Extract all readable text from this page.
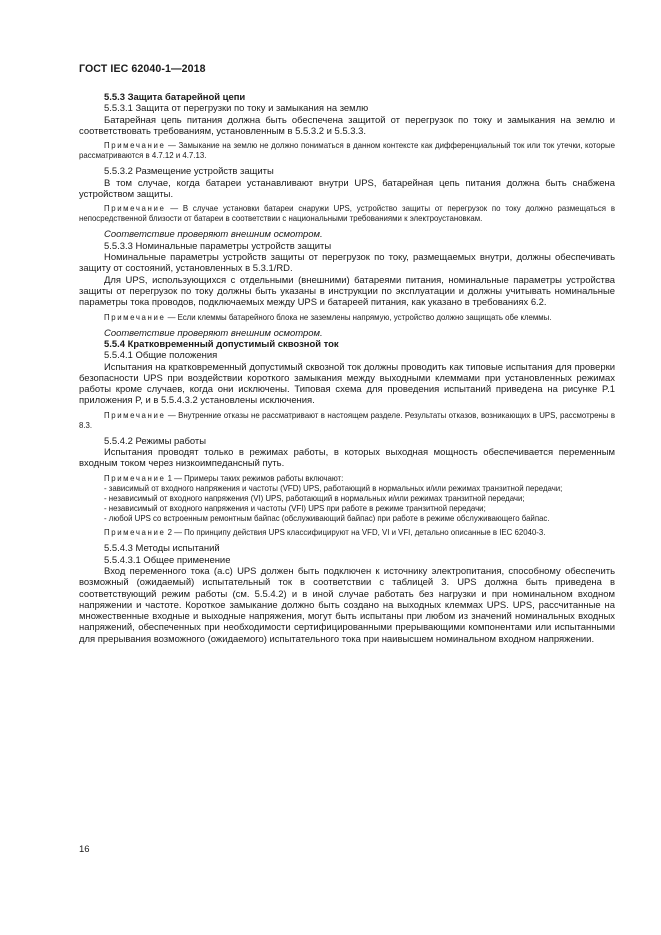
ГОСТ IEC 62040-1—2018

5.5.3 Защита батарейной цепи

5.5.3.1 Защита от перегрузки по току и замыкания на землю

Батарейная цепь питания должна быть обеспечена защитой от перегрузок по току и замыкания на землю и соответствовать требованиям, установленным в 5.5.3.2 и 5.5.3.3.

Примечание — Замыкание на землю не должно пониматься в данном контексте как дифференциальный ток или ток утечки, которые рассматриваются в 4.7.12 и 4.7.13.

5.5.3.2 Размещение устройств защиты

В том случае, когда батареи устанавливают внутри UPS, батарейная цепь питания должна быть снабжена устройством защиты.

Примечание — В случае установки батареи снаружи UPS, устройство защиты от перегрузок по току должно размещаться в непосредственной близости от батареи в соответствии с национальными требованиями к электроустановкам.

Соответствие проверяют внешним осмотром.

5.5.3.3 Номинальные параметры устройств защиты

Номинальные параметры устройств защиты от перегрузок по току, размещаемых внутри, должны обеспечивать защиту от состояний, установленных в 5.3.1/RD.

Для UPS, использующихся с отдельными (внешними) батареями питания, номинальные параметры устройства защиты от перегрузок по току должны быть указаны в инструкции по эксплуатации и должны учитывать номинальные параметры тока проводов, подключаемых между UPS и батареей питания, как указано в требованиях 6.2.

Примечание — Если клеммы батарейного блока не заземлены напрямую, устройство должно защищать обе клеммы.

Соответствие проверяют внешним осмотром.

5.5.4 Кратковременный допустимый сквозной ток

5.5.4.1 Общие положения

Испытания на кратковременный допустимый сквозной ток должны проводить как типовые испытания для проверки безопасности UPS при воздействии короткого замыкания между выходными клеммами при установленных режимах работы кроме случаев, когда они исключены. Типовая схема для проведения испытаний приведена на рисунке P.1 приложения P, и в 5.5.4.3.2 установлены исключения.

Примечание — Внутренние отказы не рассматривают в настоящем разделе. Результаты отказов, возникающих в UPS, рассмотрены в 8.3.

5.5.4.2 Режимы работы

Испытания проводят только в режимах работы, в которых выходная мощность обеспечивается переменным входным током через низкоимпедансный путь.

Примечание 1 — Примеры таких режимов работы включают:

- зависимый от входного напряжения и частоты (VFD) UPS, работающий в нормальных и/или режимах транзитной передачи;

- независимый от входного напряжения (VI) UPS, работающий в нормальных и/или режимах транзитной передачи;

- независимый от входного напряжения и частоты (VFI) UPS при работе в режиме транзитной передачи;

- любой UPS со встроенным ремонтным байпас (обслуживающий байпас) при работе в режиме обслуживающего байпас.

Примечание 2 — По принципу действия UPS классифицируют на VFD, VI и VFI, детально описанные в IEC 62040-3.

5.5.4.3 Методы испытаний

5.5.4.3.1 Общее применение

Вход переменного тока (a.c) UPS должен быть подключен к источнику электропитания, способному обеспечить возможный (ожидаемый) испытательный ток в соответствии с таблицей 3. UPS должна быть приведена в соответствующий режим работы (см. 5.5.4.2) и в иной случае работать без нагрузки и при номинальном входном напряжении и частоте. Короткое замыкание должно быть создано на выходных клеммах UPS. UPS, рассчитанные на множественные входные и выходные напряжения, могут быть испытаны при любом из значений номинальных входных напряжений, обеспеченных при необходимости сертифицированными прерывающими компонентами или испытанными для прерывания возможного (ожидаемого) испытательного тока при наивысшем номинальном входном напряжении.

16
